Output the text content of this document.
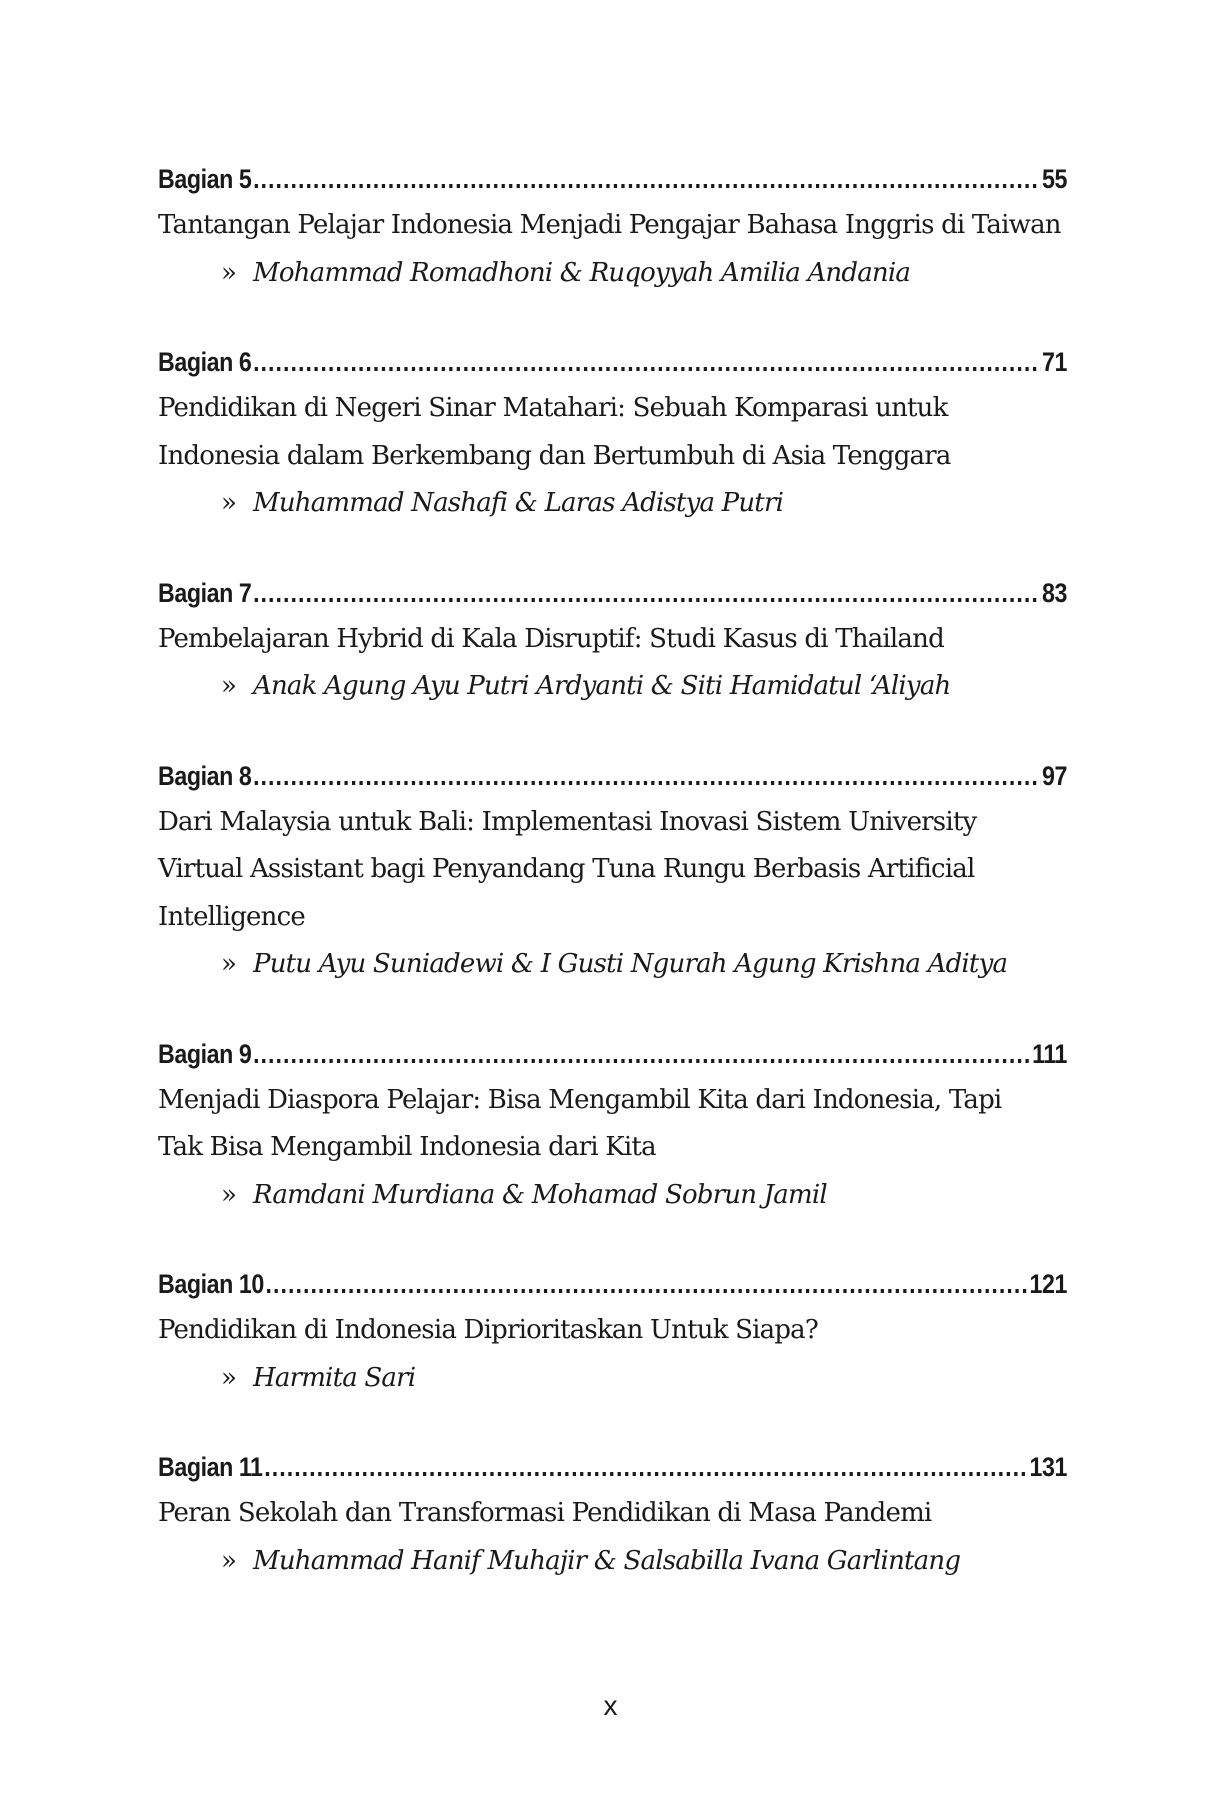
Bagian 5 .....	55
Tantangan Pelajar Indonesia Menjadi Pengajar Bahasa Inggris di Taiwan
» Mohammad Romadhoni & Ruqoyyah Amilia Andania
Bagian 6 .....	71
Pendidikan di Negeri Sinar Matahari: Sebuah Komparasi untuk
Indonesia dalam Berkembang dan Bertumbuh di Asia Tenggara
» Muhammad Nashafi & Laras Adistya Putri
Bagian 7 .....	83
Pembelajaran Hybrid di Kala Disruptif: Studi Kasus di Thailand
» Anak Agung Ayu Putri Ardyanti & Siti Hamidatul ‘Aliyah
Bagian 8 .....	97
Dari Malaysia untuk Bali: Implementasi Inovasi Sistem University
Virtual Assistant bagi Penyandang Tuna Rungu Berbasis Artificial
Intelligence
» Putu Ayu Suniadewi & I Gusti Ngurah Agung Krishna Aditya
Bagian 9 .....	111
Menjadi Diaspora Pelajar: Bisa Mengambil Kita dari Indonesia, Tapi
Tak Bisa Mengambil Indonesia dari Kita
» Ramdani Murdiana & Mohamad Sobrun Jamil
Bagian 10 .....	121
Pendidikan di Indonesia Diprioritaskan Untuk Siapa?
» Harmita Sari
Bagian 11 .....	131
Peran Sekolah dan Transformasi Pendidikan di Masa Pandemi
» Muhammad Hanif Muhajir & Salsabilla Ivana Garlintang
x
